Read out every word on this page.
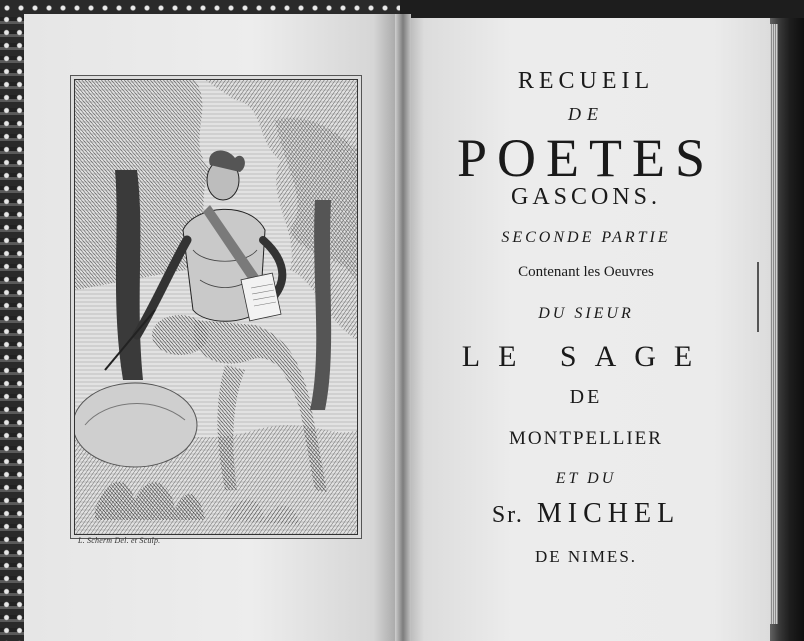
L. Scherm Del. et Sculp.

RECUEIL

DE

POETES

GASCONS.

SECONDE PARTIE

Contenant les Oeuvres

DU SIEUR

LE SAGE

DE

MONTPELLIER

ET DU

Sr. MICHEL

DE NIMES.
